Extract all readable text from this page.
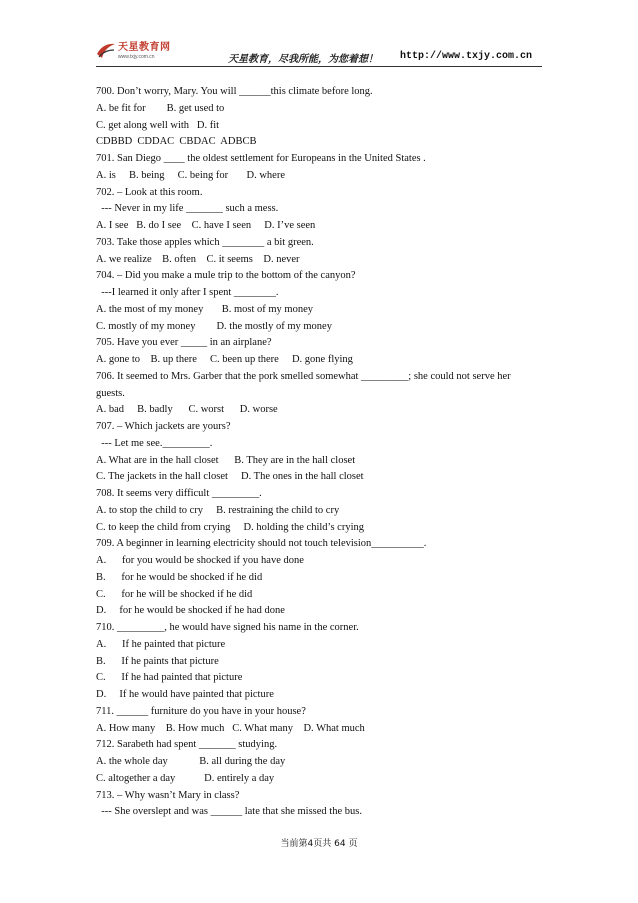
天星教育网
www.txjy.com.cn	天星教育，尽我所能，为您着想！ http://www.txjy.com.cn
700. Don’t worry, Mary. You will ______this climate before long.
A. be fit for        B. get used to
C. get along well with   D. fit
CDBBD  CDDAC  CBDAC  ADBCB
701. San Diego ____ the oldest settlement for Europeans in the United States .
A. is     B. being     C. being for       D. where
702. – Look at this room.
--- Never in my life _______ such a mess.
A. I see   B. do I see    C. have I seen     D. I’ve seen
703. Take those apples which ________ a bit green.
A. we realize    B. often    C. it seems    D. never
704. – Did you make a mule trip to the bottom of the canyon?
---I learned it only after I spent ________.
A. the most of my money       B. most of my money
C. mostly of my money        D. the mostly of my money
705. Have you ever _____ in an airplane?
A. gone to    B. up there     C. been up there     D. gone flying
706. It seemed to Mrs. Garber that the pork smelled somewhat _________; she could not serve her
guests.
A. bad     B. badly      C. worst      D. worse
707. – Which jackets are yours?
--- Let me see._________.
A. What are in the hall closet      B. They are in the hall closet
C. The jackets in the hall closet     D. The ones in the hall closet
708. It seems very difficult _________.
A. to stop the child to cry     B. restraining the child to cry
C. to keep the child from crying     D. holding the child’s crying
709. A beginner in learning electricity should not touch television__________.
A.      for you would be shocked if you have done
B.      for he would be shocked if he did
C.      for he will be shocked if he did
D.     for he would be shocked if he had done
710. _________, he would have signed his name in the corner.
A.      If he painted that picture
B.      If he paints that picture
C.      If he had painted that picture
D.     If he would have painted that picture
711. ______ furniture do you have in your house?
A. How many    B. How much   C. What many    D. What much
712. Sarabeth had spent _______ studying.
A. the whole day            B. all during the day
C. altogether a day           D. entirely a day
713. – Why wasn’t Mary in class?
--- She overslept and was ______ late that she missed the bus.
当前第4页共 64 页
